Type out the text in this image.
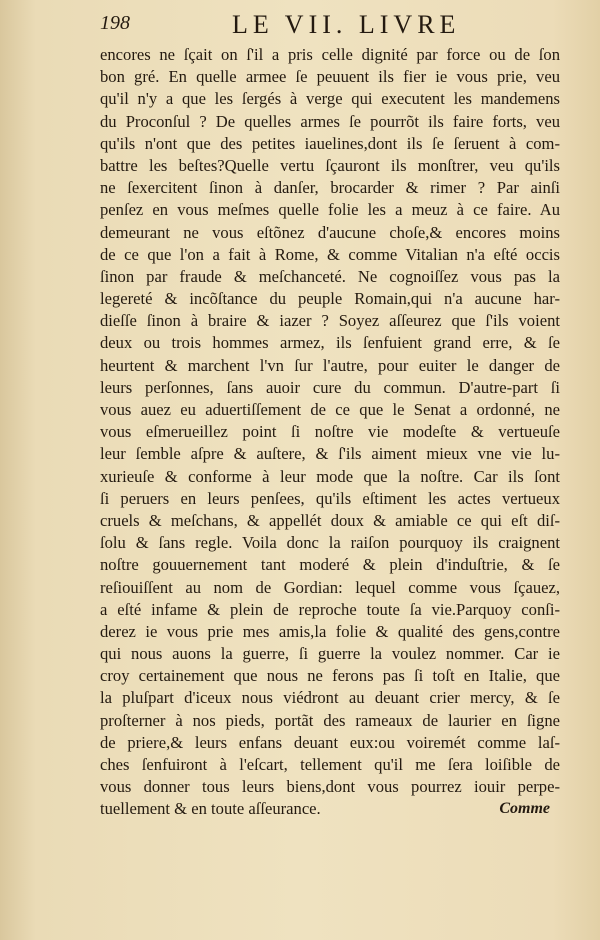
198	LE VII. LIVRE
encores ne ſçait on ſ'il a pris celle dignité par force ou de ſon
bon gré. En quelle armee ſe peuuent ils fier ie vous prie, veu
qu'il n'y a que les ſergés à verge qui executent les mandemens
du Proconſul ? De quelles armes ſe pourrõt ils faire forts, veu
qu'ils n'ont que des petites iauelines,dont ils ſe ſeruent à com-
battre les beſtes?Quelle vertu ſçauront ils monſtrer, veu qu'ils
ne ſexercitent ſinon à danſer, brocarder & rimer ? Par ainſi
penſez en vous meſmes quelle folie les a meuz à ce faire. Au
demeurant ne vous eſtõnez d'aucune choſe,& encores moins
de ce que l'on a fait à Rome, & comme Vitalian n'a eſté occis
ſinon par fraude & meſchanceté. Ne cognoiſſez vous pas la
legereté & incõſtance du peuple Romain,qui n'a aucune har-
dieſſe ſinon à braire & iazer ? Soyez aſſeurez que ſ'ils voient
deux ou trois hommes armez, ils ſenfuient grand erre, & ſe
heurtent & marchent l'vn ſur l'autre, pour euiter le danger de
leurs perſonnes, ſans auoir cure du commun. D'autre-part ſi
vous auez eu aduertiſſement de ce que le Senat a ordonné, ne
vous eſmerueillez point ſi noſtre vie modeſte & vertueuſe
leur ſemble aſpre & auſtere, & ſ'ils aiment mieux vne vie lu-
xurieuſe & conforme à leur mode que la noſtre. Car ils ſont
ſi peruers en leurs penſees, qu'ils eſtiment les actes vertueux
cruels & meſchans, & appellét doux & amiable ce qui eſt diſ-
ſolu & ſans regle. Voila donc la raiſon pourquoy ils craignent
noſtre gouuernement tant moderé & plein d'induſtrie, & ſe
reſiouiſſent au nom de Gordian: lequel comme vous ſçauez,
a eſté infame & plein de reproche toute ſa vie.Parquoy conſi-
derez ie vous prie mes amis,la folie & qualité des gens,contre
qui nous auons la guerre, ſi guerre la voulez nommer. Car ie
croy certainement que nous ne ferons pas ſi toſt en Italie, que
la pluſpart d'iceux nous viédront au deuant crier mercy, & ſe
proſterner à nos pieds, portãt des rameaux de laurier en ſigne
de priere,& leurs enfans deuant eux:ou voiremét comme laſ-
ches ſenfuiront à l'eſcart, tellement qu'il me ſera loiſible de
vous donner tous leurs biens,dont vous pourrez iouir perpe-
tuellement & en toute aſſeurance.	Comme
